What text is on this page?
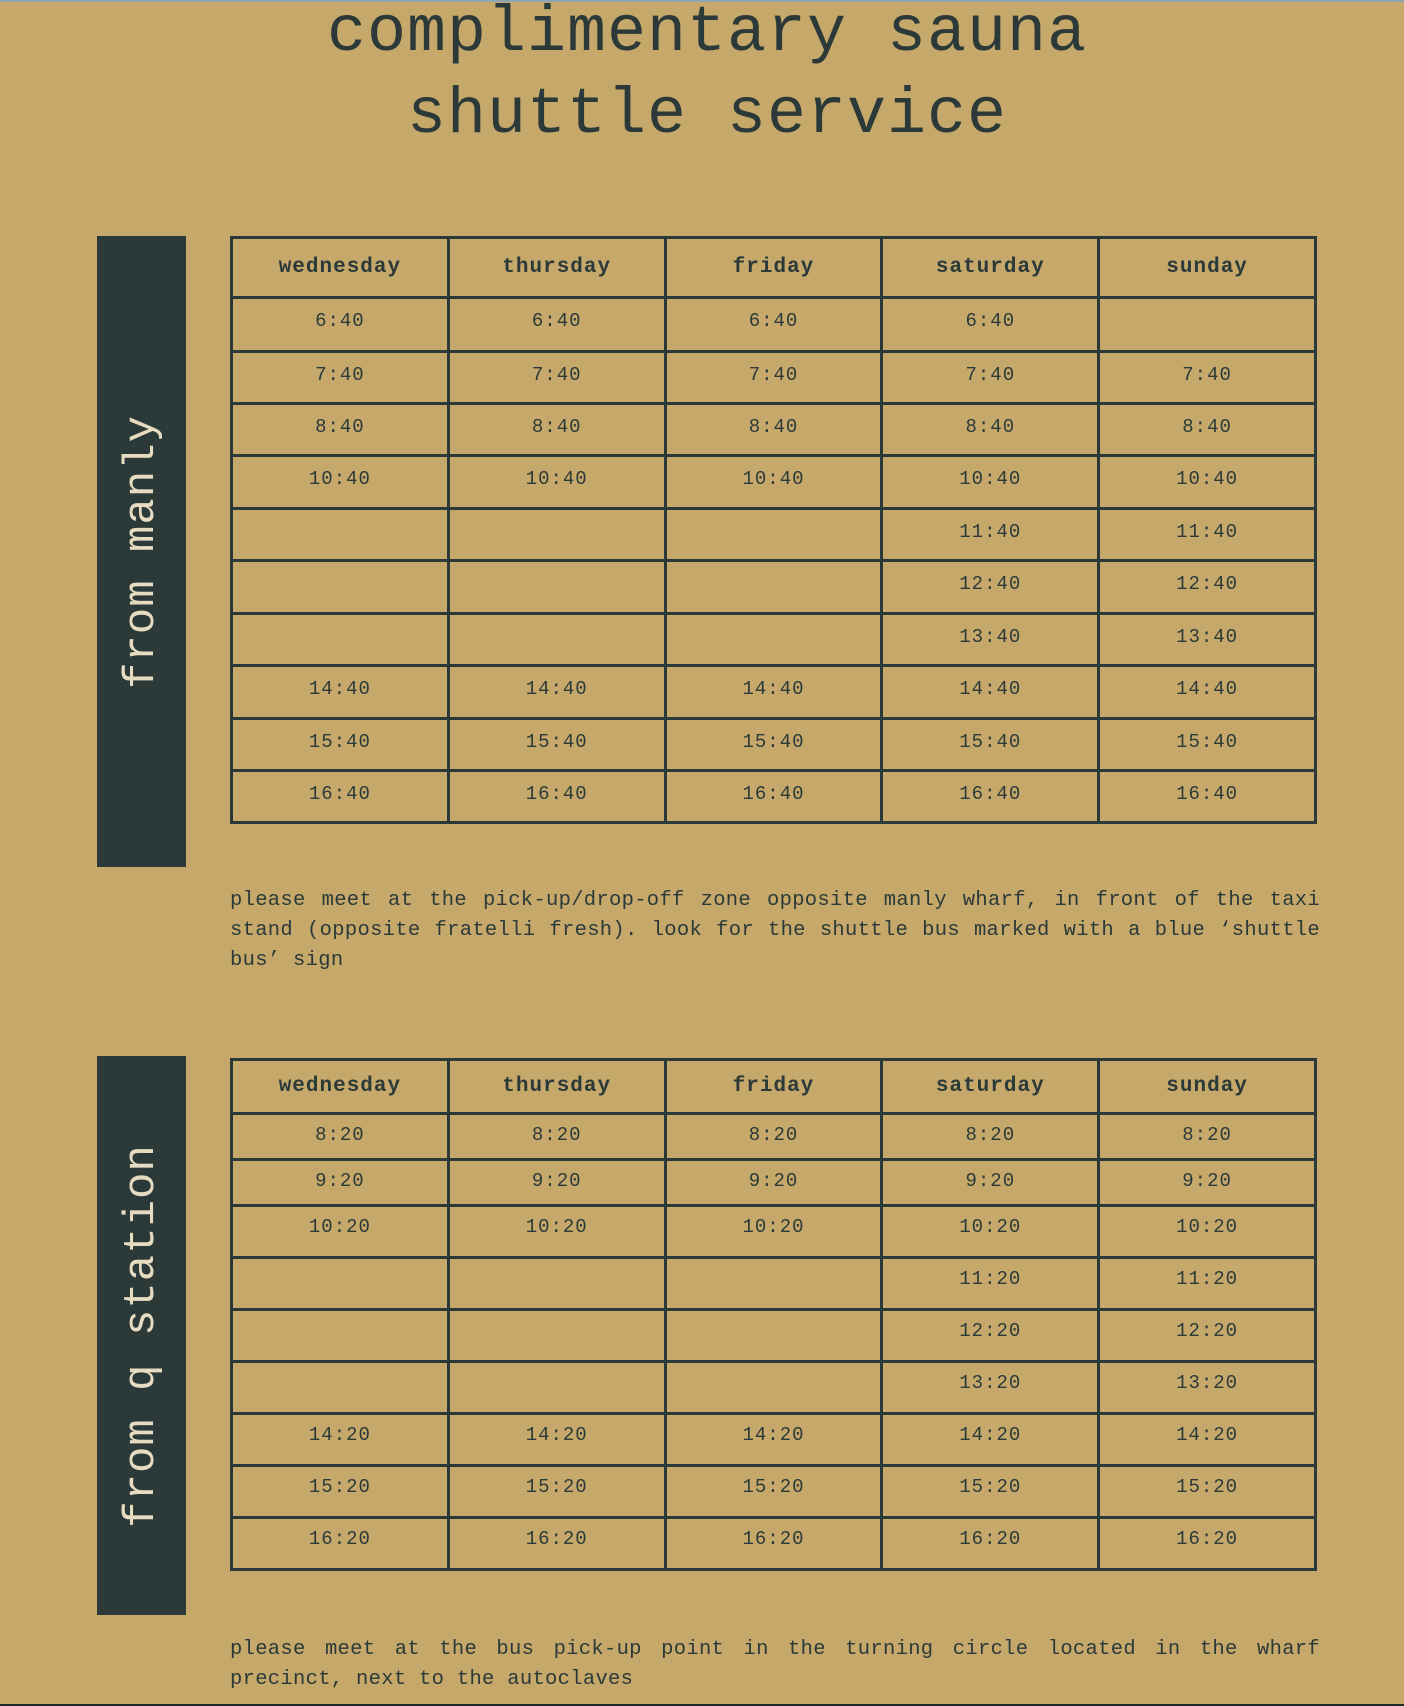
complimentary sauna
shuttle service
from manly
wednesday	thursday	friday	saturday	sunday
6:40	6:40	6:40	6:40	
7:40	7:40	7:40	7:40	7:40
8:40	8:40	8:40	8:40	8:40
10:40	10:40	10:40	10:40	10:40
			11:40	11:40
			12:40	12:40
			13:40	13:40
14:40	14:40	14:40	14:40	14:40
15:40	15:40	15:40	15:40	15:40
16:40	16:40	16:40	16:40	16:40
please meet at the pick-up/drop-off zone opposite manly wharf, in front of the taxi stand (opposite fratelli fresh). look for the shuttle bus marked with a blue ‘shuttle bus’ sign
from q station
wednesday	thursday	friday	saturday	sunday
8:20	8:20	8:20	8:20	8:20
9:20	9:20	9:20	9:20	9:20
10:20	10:20	10:20	10:20	10:20
			11:20	11:20
			12:20	12:20
			13:20	13:20
14:20	14:20	14:20	14:20	14:20
15:20	15:20	15:20	15:20	15:20
16:20	16:20	16:20	16:20	16:20
please meet at the bus pick-up point in the turning circle located in the wharf precinct, next to the autoclaves
